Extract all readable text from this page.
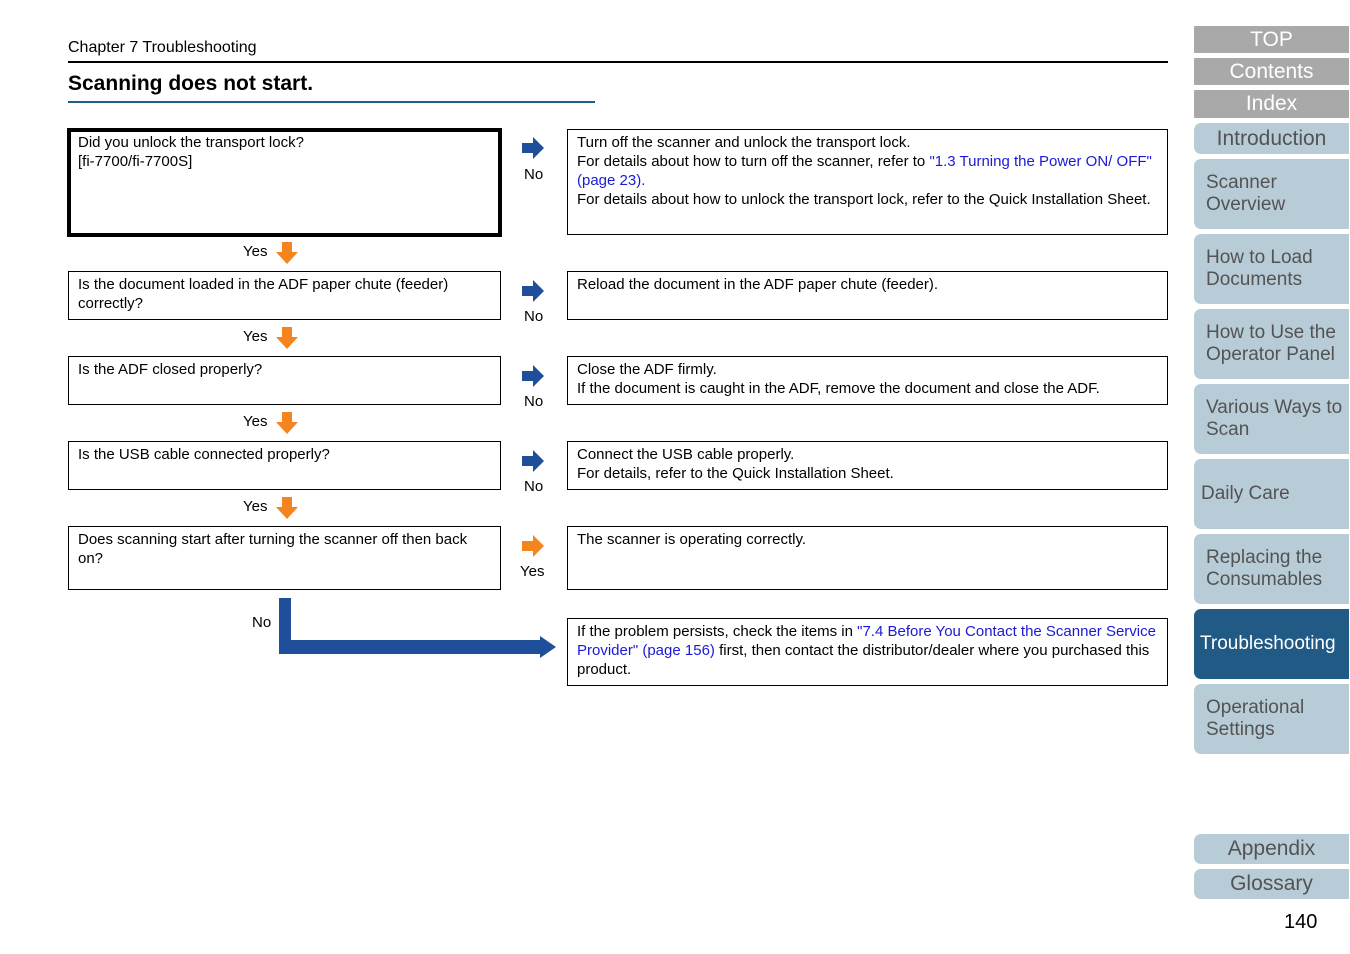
Chapter 7 Troubleshooting
Scanning does not start.
Did you unlock the transport lock?
[fi-7700/fi-7700S]
No
Turn off the scanner and unlock the transport lock.
For details about how to turn off the scanner, refer to "1.3 Turning the Power ON/ OFF" (page 23).
For details about how to unlock the transport lock, refer to the Quick Installation Sheet.
Yes
Is the document loaded in the ADF paper chute (feeder) correctly?
No
Reload the document in the ADF paper chute (feeder).
Yes
Is the ADF closed properly?
No
Close the ADF firmly.
If the document is caught in the ADF, remove the document and close the ADF.
Yes
Is the USB cable connected properly?
No
Connect the USB cable properly.
For details, refer to the Quick Installation Sheet.
Yes
Does scanning start after turning the scanner off then back on?
Yes
The scanner is operating correctly.
No
If the problem persists, check the items in "7.4 Before You Contact the Scanner Service Provider" (page 156) first, then contact the distributor/dealer where you purchased this product.
TOP
Contents
Index
Introduction
Scanner Overview
How to Load Documents
How to Use the Operator Panel
Various Ways to Scan
Daily Care
Replacing the Consumables
Troubleshooting
Operational Settings
Appendix
Glossary
140
